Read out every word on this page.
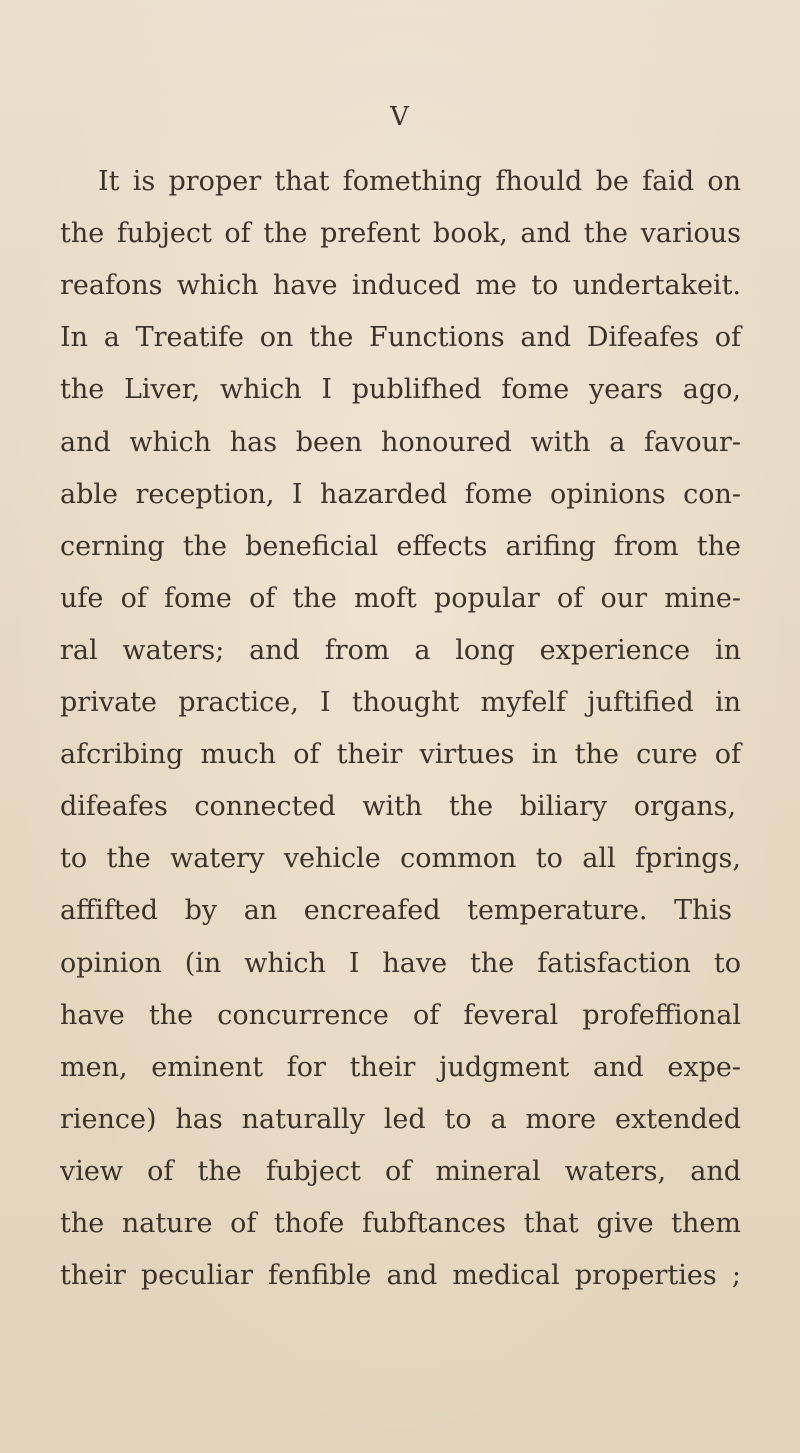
V
It is proper that fomething fhould be faid on
the fubject of the prefent book, and the various
reafons which have induced me to undertakeit.
In a Treatife on the Functions and Difeafes of
the Liver, which I publifhed fome years ago,
and which has been honoured with a favour-
able reception, I hazarded fome opinions con-
cerning the beneficial effects arifing from the
ufe of fome of the moft popular of our mine-
ral waters; and from a long experience in
private practice, I thought myfelf juftified in
afcribing much of their virtues in the cure of
difeafes connected with the biliary organs,
to the watery vehicle common to all fprings,
affifted by an encreafed temperature. This
opinion (in which I have the fatisfaction to
have the concurrence of feveral profeffional
men, eminent for their judgment and expe-
rience) has naturally led to a more extended
view of the fubject of mineral waters, and
the nature of thofe fubftances that give them
their peculiar fenfible and medical properties ;
